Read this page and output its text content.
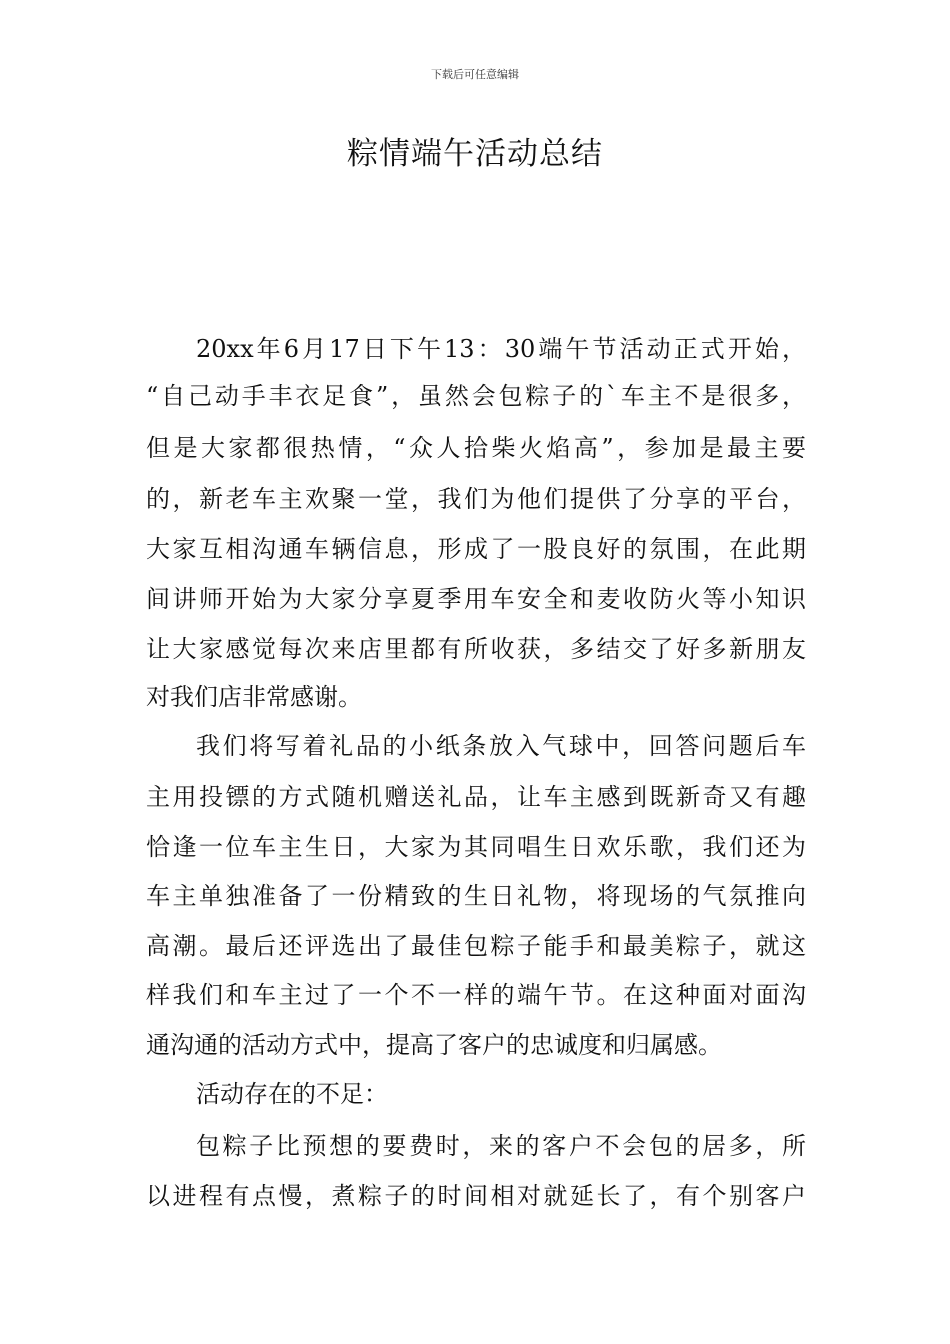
下载后可任意编辑
粽情端午活动总结
20xx年6月17日下午13：30端午节活动正式开始，
“自己动手丰衣足食”，虽然会包粽子的`车主不是很多，
但是大家都很热情，“众人拾柴火焰高”，参加是最主要
的，新老车主欢聚一堂，我们为他们提供了分享的平台，
大家互相沟通车辆信息，形成了一股良好的氛围，在此期
间讲师开始为大家分享夏季用车安全和麦收防火等小知识
让大家感觉每次来店里都有所收获，多结交了好多新朋友
对我们店非常感谢。
我们将写着礼品的小纸条放入气球中，回答问题后车
主用投镖的方式随机赠送礼品，让车主感到既新奇又有趣
恰逢一位车主生日，大家为其同唱生日欢乐歌，我们还为
车主单独准备了一份精致的生日礼物，将现场的气氛推向
高潮。最后还评选出了最佳包粽子能手和最美粽子，就这
样我们和车主过了一个不一样的端午节。在这种面对面沟
通沟通的活动方式中，提高了客户的忠诚度和归属感。
活动存在的不足：
包粽子比预想的要费时，来的客户不会包的居多，所
以进程有点慢，煮粽子的时间相对就延长了，有个别客户
